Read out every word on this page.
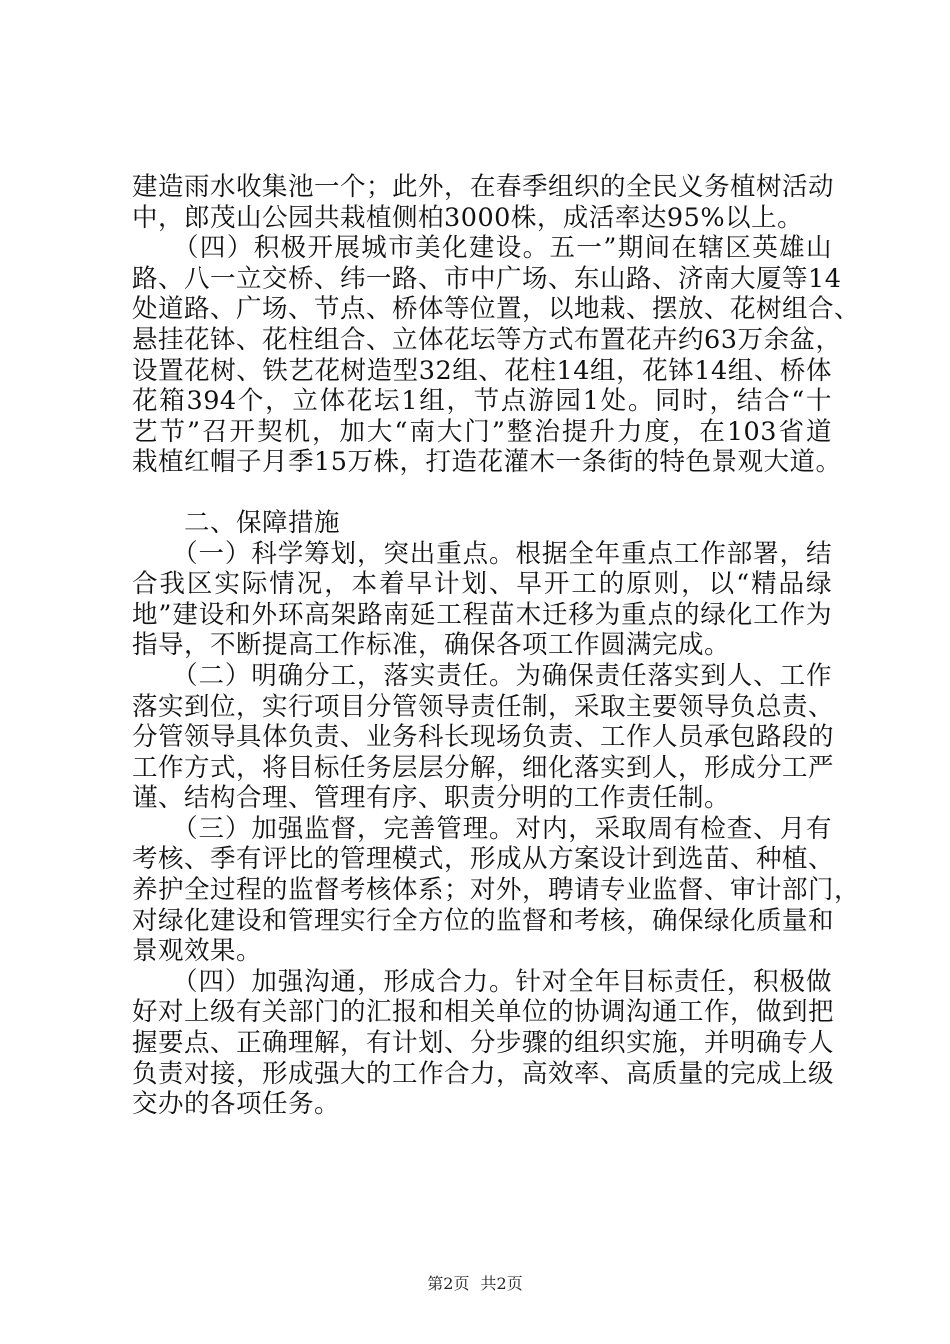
建造雨水收集池一个；此外，在春季组织的全民义务植树活动
中，郎茂山公园共栽植侧柏3000株，成活率达95%以上。
　　（四）积极开展城市美化建设。五一”期间在辖区英雄山
路、八一立交桥、纬一路、市中广场、东山路、济南大厦等14
处道路、广场、节点、桥体等位置，以地栽、摆放、花树组合、
悬挂花钵、花柱组合、立体花坛等方式布置花卉约63万余盆，
设置花树、铁艺花树造型32组、花柱14组，花钵14组、桥体
花箱394个，立体花坛1组，节点游园1处。同时，结合“十
艺节”召开契机，加大“南大门”整治提升力度，在103省道
栽植红帽子月季15万株，打造花灌木一条街的特色景观大道。
　　二、保障措施
　　（一）科学筹划，突出重点。根据全年重点工作部署，结
合我区实际情况，本着早计划、早开工的原则，以“精品绿
地”建设和外环高架路南延工程苗木迁移为重点的绿化工作为
指导，不断提高工作标准，确保各项工作圆满完成。
　　（二）明确分工，落实责任。为确保责任落实到人、工作
落实到位，实行项目分管领导责任制，采取主要领导负总责、
分管领导具体负责、业务科长现场负责、工作人员承包路段的
工作方式，将目标任务层层分解，细化落实到人，形成分工严
谨、结构合理、管理有序、职责分明的工作责任制。
　　（三）加强监督，完善管理。对内，采取周有检查、月有
考核、季有评比的管理模式，形成从方案设计到选苗、种植、
养护全过程的监督考核体系；对外，聘请专业监督、审计部门，
对绿化建设和管理实行全方位的监督和考核，确保绿化质量和
景观效果。
　　（四）加强沟通，形成合力。针对全年目标责任，积极做
好对上级有关部门的汇报和相关单位的协调沟通工作，做到把
握要点、正确理解，有计划、分步骤的组织实施，并明确专人
负责对接，形成强大的工作合力，高效率、高质量的完成上级
交办的各项任务。
第2页 共2页
